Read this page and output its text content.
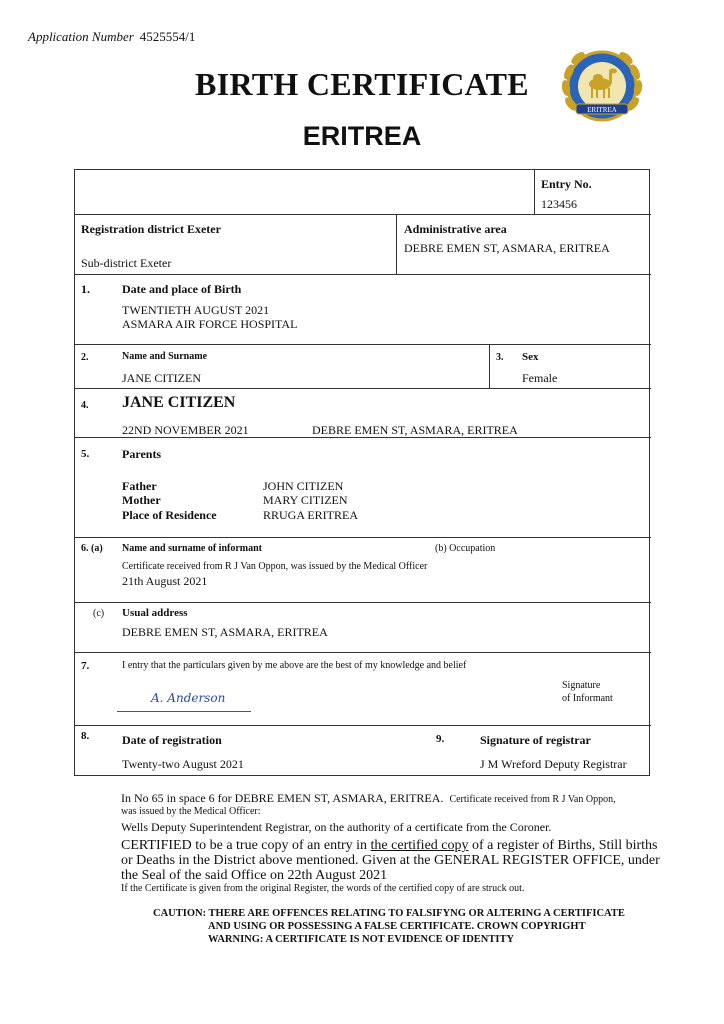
Application Number 4525554/1
BIRTH CERTIFICATE
ERITREA
ERITREA
Entry No.
123456
Registration district Exeter
Sub-district Exeter
Administrative area
DEBRE EMEN ST, ASMARA, ERITREA
1.	Date and place of Birth
TWENTIETH AUGUST 2021
ASMARA AIR FORCE HOSPITAL
2.	Name and Surname
JANE CITIZEN
3. Sex
Female
4. JANE CITIZEN
22ND NOVEMBER 2021	DEBRE EMEN ST, ASMARA, ERITREA
5.	Parents
Father	JOHN CITIZEN
Mother	MARY CITIZEN
Place of Residence	RRUGA ERITREA
6. (a) Name and surname of informant	(b) Occupation
Certificate received from R J Van Oppon, was issued by the Medical Officer
21th August 2021
(c) Usual address
DEBRE EMEN ST, ASMARA, ERITREA
7.	I entry that the particulars given by me above are the best of my knowledge and belief
A. Anderson
Signature
of Informant
8.	Date of registration
Twenty-two August 2021
9.	Signature of registrar
J M Wreford Deputy Registrar
In No 65 in space 6 for DEBRE EMEN ST, ASMARA, ERITREA. Certificate received from R J Van Oppon,
was issued by the Medical Officer:
Wells Deputy Superintendent Registrar, on the authority of a certificate from the Coroner.
CERTIFIED to be a true copy of an entry in the certified copy of a register of Births, Still births
or Deaths in the District above mentioned. Given at the GENERAL REGISTER OFFICE, under
the Seal of the said Office on 22th August 2021
If the Certificate is given from the original Register, the words of the certified copy of are struck out.
CAUTION: THERE ARE OFFENCES RELATING TO FALSIFYNG OR ALTERING A CERTIFICATE
AND USING OR POSSESSING A FALSE CERTIFICATE. CROWN COPYRIGHT
WARNING: A CERTIFICATE IS NOT EVIDENCE OF IDENTITY
